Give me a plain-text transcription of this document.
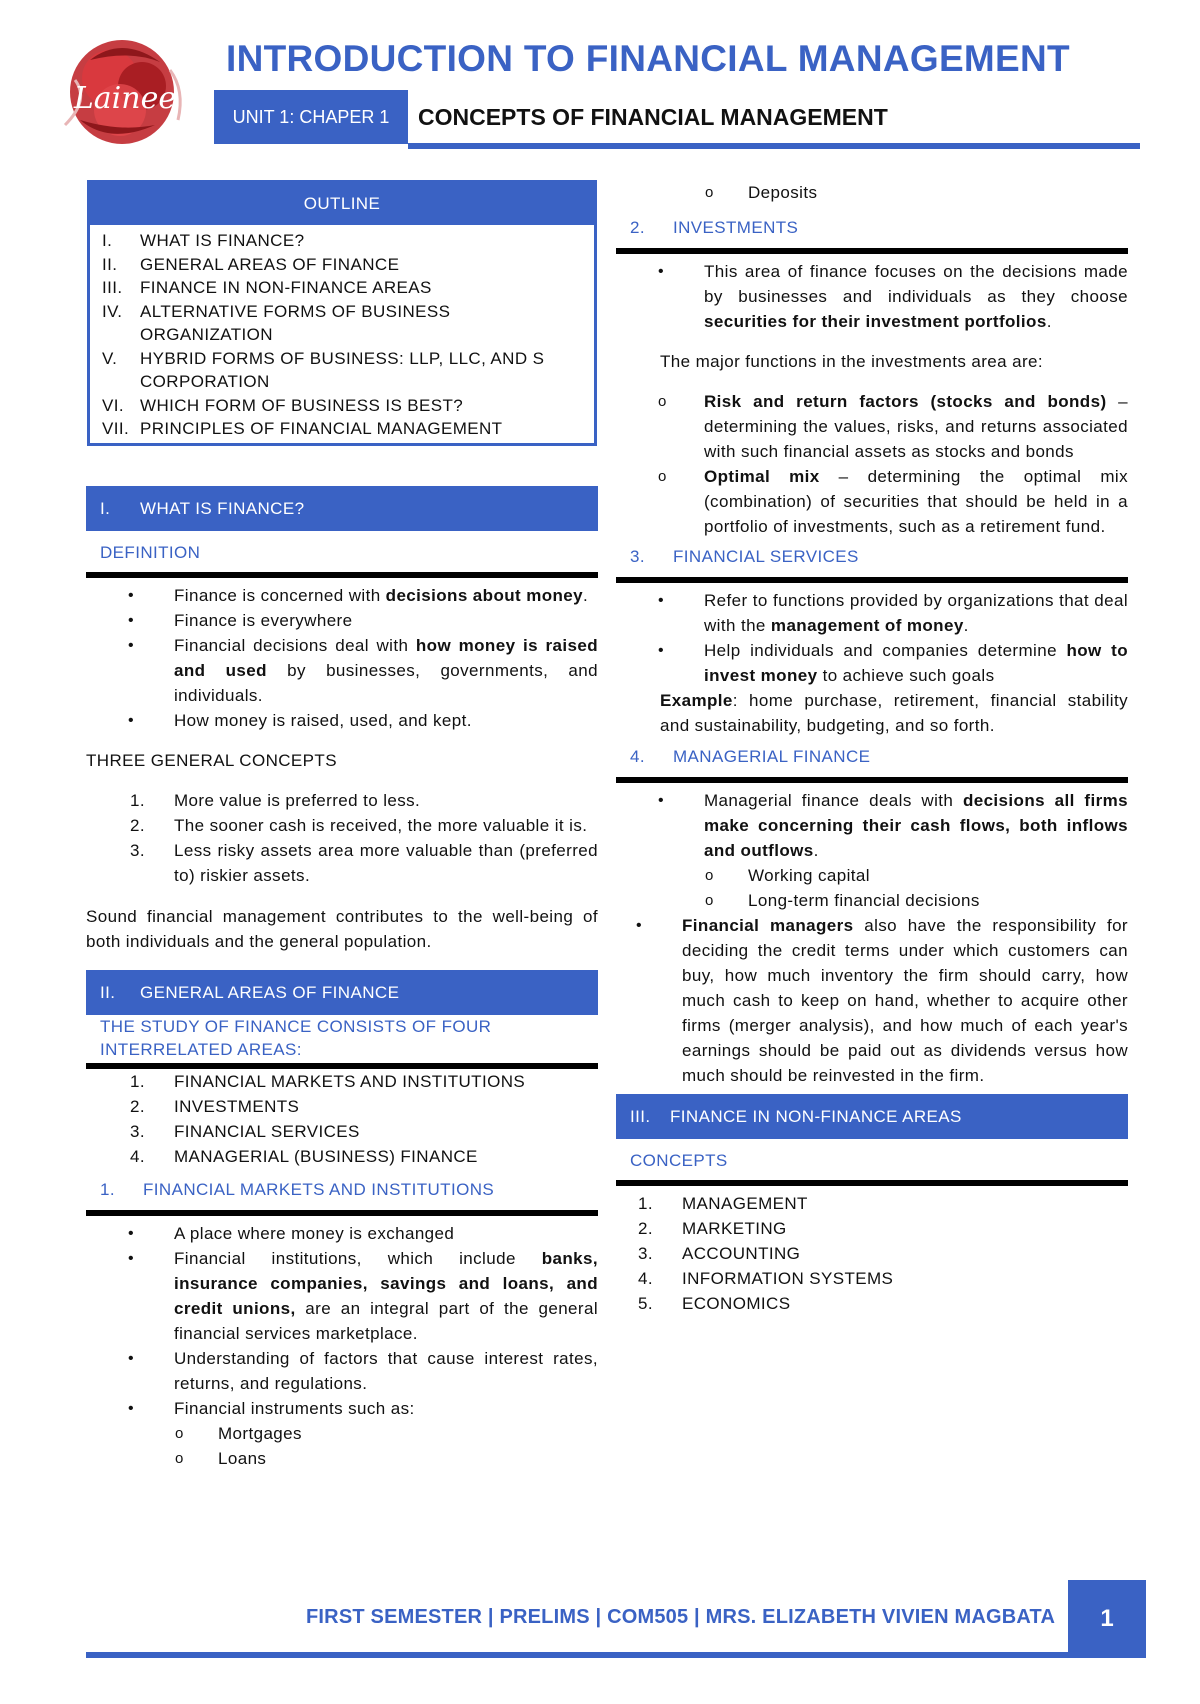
Lainee
INTRODUCTION TO FINANCIAL MANAGEMENT
UNIT 1: CHAPER 1	CONCEPTS OF FINANCIAL MANAGEMENT
OUTLINE
I.	WHAT IS FINANCE?
II.	GENERAL AREAS OF FINANCE
III.	FINANCE IN NON-FINANCE AREAS
IV.	ALTERNATIVE FORMS OF BUSINESS ORGANIZATION
V.	HYBRID FORMS OF BUSINESS: LLP, LLC, AND S CORPORATION
VI. WHICH FORM OF BUSINESS IS BEST?
VII. PRINCIPLES OF FINANCIAL MANAGEMENT
I.	WHAT IS FINANCE?
DEFINITION
• Finance is concerned with decisions about money.
• Finance is everywhere
• Financial decisions deal with how money is raised and used by businesses, governments, and individuals.
• How money is raised, used, and kept.
THREE GENERAL CONCEPTS
1.	More value is preferred to less.
2.	The sooner cash is received, the more valuable it is.
3.	Less risky assets area more valuable than (preferred to) riskier assets.

Sound financial management contributes to the well-being of both individuals and the general population.

II.	GENERAL AREAS OF FINANCE
THE STUDY OF FINANCE CONSISTS OF FOUR INTERRELATED AREAS:
1.	FINANCIAL MARKETS AND INSTITUTIONS
2.	INVESTMENTS
3.	FINANCIAL SERVICES
4.	MANAGERIAL (BUSINESS) FINANCE
1.	FINANCIAL MARKETS AND INSTITUTIONS
• A place where money is exchanged
• Financial institutions, which include banks, insurance companies, savings and loans, and credit unions, are an integral part of the general financial services marketplace.
• Understanding of factors that cause interest rates, returns, and regulations.
• Financial instruments such as:
o Mortgages
o Loans
o Deposits
2.	INVESTMENTS
• This area of finance focuses on the decisions made by businesses and individuals as they choose securities for their investment portfolios.

The major functions in the investments area are:

o Risk and return factors (stocks and bonds) – determining the values, risks, and returns associated with such financial assets as stocks and bonds
o Optimal mix – determining the optimal mix (combination) of securities that should be held in a portfolio of investments, such as a retirement fund.
3.	FINANCIAL SERVICES
• Refer to functions provided by organizations that deal with the management of money.
• Help individuals and companies determine how to invest money to achieve such goals

Example: home purchase, retirement, financial stability and sustainability, budgeting, and so forth.

4.	MANAGERIAL FINANCE
• Managerial finance deals with decisions all firms make concerning their cash flows, both inflows and outflows.
o Working capital
o Long-term financial decisions
• Financial managers also have the responsibility for deciding the credit terms under which customers can buy, how much inventory the firm should carry, how much cash to keep on hand, whether to acquire other firms (merger analysis), and how much of each year's earnings should be paid out as dividends versus how much should be reinvested in the firm.
III.	FINANCE IN NON-FINANCE AREAS
CONCEPTS
1.	MANAGEMENT
2.	MARKETING
3.	ACCOUNTING
4.	INFORMATION SYSTEMS
5.	ECONOMICS
FIRST SEMESTER | PRELIMS | COM505 | MRS. ELIZABETH VIVIEN MAGBATA	1
